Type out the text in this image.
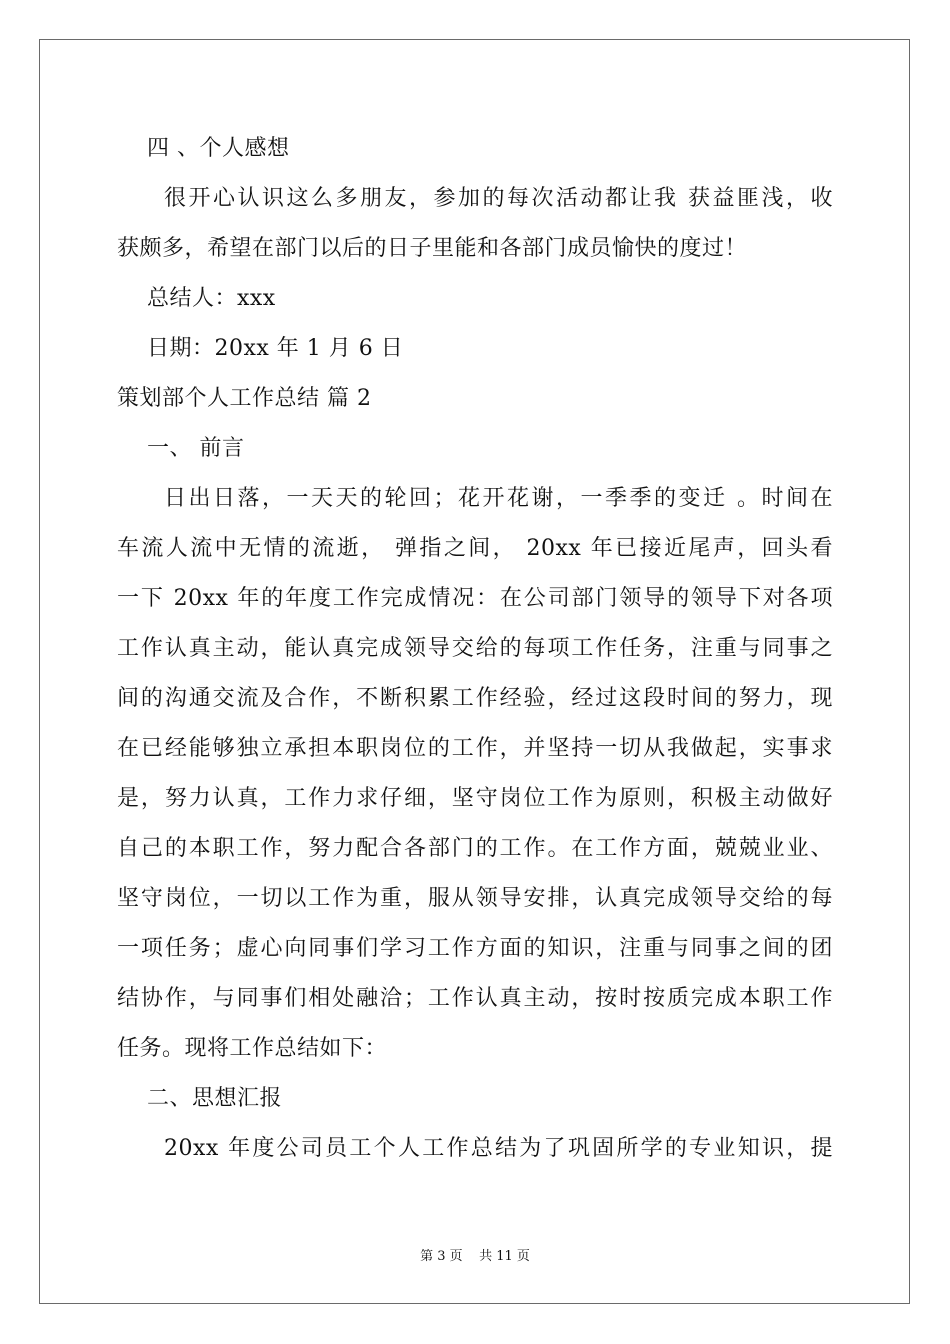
四 、个人感想
很开心认识这么多朋友，参加的每次活动都让我 获益匪浅，收
获颇多，希望在部门以后的日子里能和各部门成员愉快的度过！
总结人：xxx
日期：20xx 年 1 月 6 日
策划部个人工作总结 篇 2
一、 前言
日出日落，一天天的轮回；花开花谢，一季季的变迁 。时间在
车流人流中无情的流逝， 弹指之间， 20xx 年已接近尾声，回头看
一下 20xx 年的年度工作完成情况：在公司部门领导的领导下对各项
工作认真主动，能认真完成领导交给的每项工作任务，注重与同事之
间的沟通交流及合作，不断积累工作经验，经过这段时间的努力，现
在已经能够独立承担本职岗位的工作，并坚持一切从我做起，实事求
是，努力认真，工作力求仔细，坚守岗位工作为原则，积极主动做好
自己的本职工作，努力配合各部门的工作。在工作方面，兢兢业业、
坚守岗位，一切以工作为重，服从领导安排，认真完成领导交给的每
一项任务；虚心向同事们学习工作方面的知识，注重与同事之间的团
结协作，与同事们相处融洽；工作认真主动，按时按质完成本职工作
任务。现将工作总结如下：
二、思想汇报
20xx 年度公司员工个人工作总结为了巩固所学的专业知识，提
第 3 页    共 11 页
